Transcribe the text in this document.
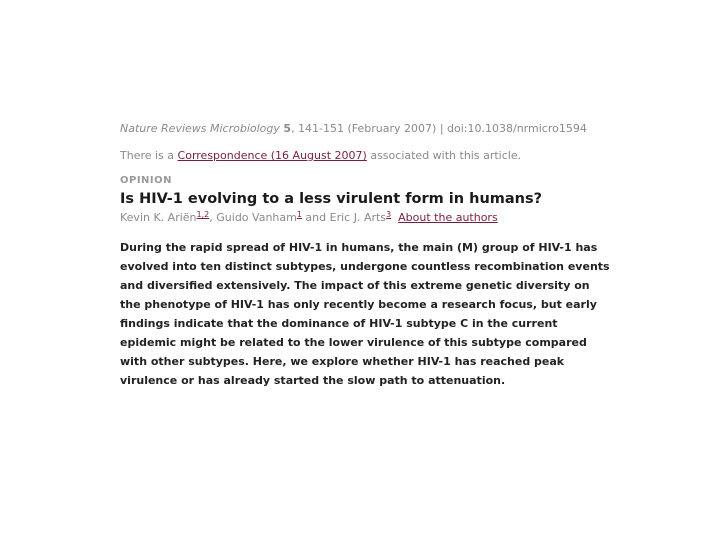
Nature Reviews Microbiology 5, 141-151 (February 2007) | doi:10.1038/nrmicro1594
There is a Correspondence (16 August 2007) associated with this article.
OPINION
Is HIV-1 evolving to a less virulent form in humans?
Kevin K. Ariën$^{1,2}$, Guido Vanham$^1$ and Eric J. Arts$^3$ About the authors
During the rapid spread of HIV-1 in humans, the main (M) group of HIV-1 has evolved into ten distinct subtypes, undergone countless recombination events and diversified extensively. The impact of this extreme genetic diversity on the phenotype of HIV-1 has only recently become a research focus, but early findings indicate that the dominance of HIV-1 subtype C in the current epidemic might be related to the lower virulence of this subtype compared with other subtypes. Here, we explore whether HIV-1 has reached peak virulence or has already started the slow path to attenuation.
